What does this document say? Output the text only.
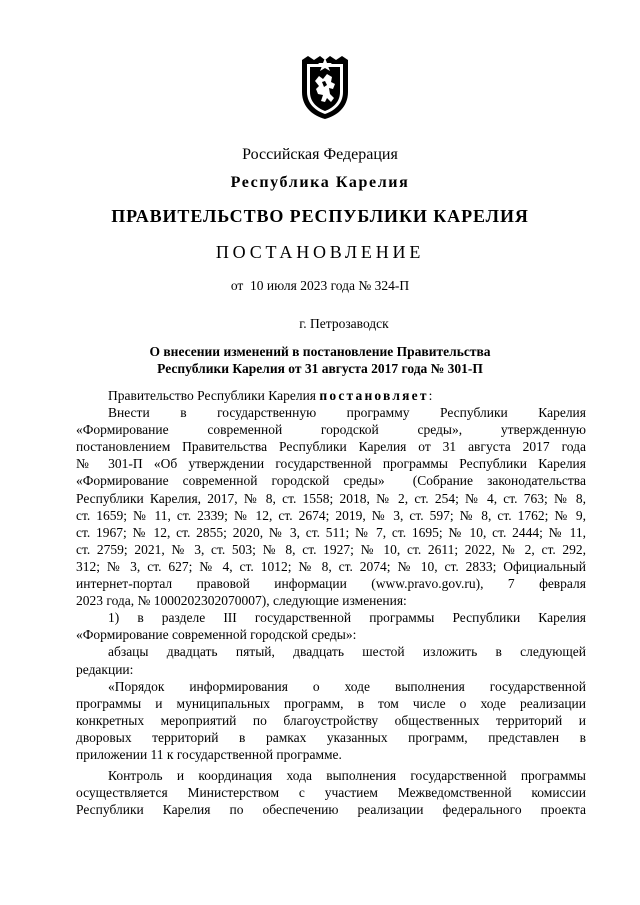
Российская Федерация
Республика Карелия
ПРАВИТЕЛЬСТВО РЕСПУБЛИКИ КАРЕЛИЯ
ПОСТАНОВЛЕНИЕ
от  10 июля 2023 года № 324-П
г. Петрозаводск
О внесении изменений в постановление Правительства
Республики Карелия от 31 августа 2017 года № 301-П

Правительство Республики Карелия постановляет:

Внести в государственную программу Республики Карелия

«Формирование современной городской среды», утвержденную

постановлением Правительства Республики Карелия от 31 августа 2017 года

№ 301-П «Об утверждении государственной программы Республики Карелия

«Формирование современной городской среды»  (Собрание законодательства

Республики Карелия, 2017, № 8, ст. 1558; 2018, № 2, ст. 254; № 4, ст. 763; № 8,

ст. 1659; № 11, ст. 2339; № 12, ст. 2674; 2019, № 3, ст. 597; № 8, ст. 1762; № 9,

ст. 1967; № 12, ст. 2855; 2020, № 3, ст. 511; № 7, ст. 1695; № 10, ст. 2444; № 11,

ст. 2759; 2021, № 3, ст. 503; № 8, ст. 1927; № 10, ст. 2611; 2022, № 2, ст. 292,

312; № 3, ст. 627; № 4, ст. 1012; № 8, ст. 2074; № 10, ст. 2833; Официальный

интернет-портал правовой информации (www.pravo.gov.ru), 7 февраля

2023 года, № 1000202302070007), следующие изменения:

1) в разделе III государственной программы Республики Карелия

«Формирование современной городской среды»:

абзацы двадцать пятый, двадцать шестой изложить в следующей

редакции:

«Порядок информирования о ходе выполнения государственной

программы и муниципальных программ, в том числе о ходе реализации

конкретных мероприятий по благоустройству общественных территорий и

дворовых территорий в рамках указанных программ, представлен в

приложении 11 к государственной программе.

Контроль и координация хода выполнения государственной программы

осуществляется Министерством с участием Межведомственной комиссии

Республики Карелия по обеспечению реализации федерального проекта
